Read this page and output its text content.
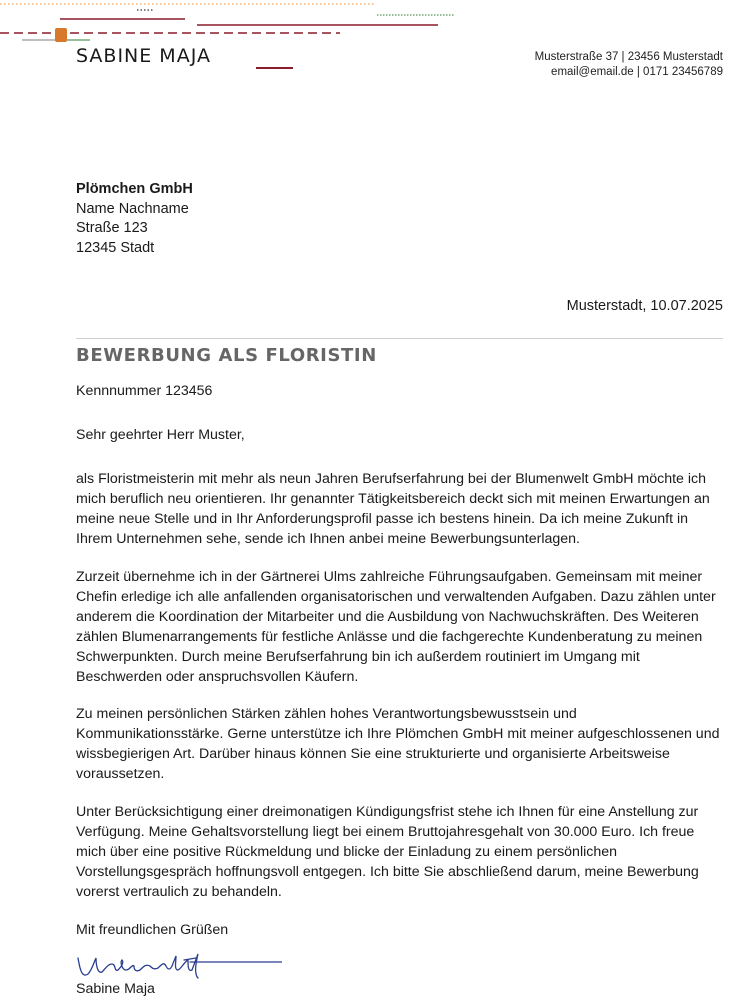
SABINE MAJA	Musterstraße 37 | 23456 Musterstadt
email@email.de | 0171 23456789
Plömchen GmbH
Name Nachname
Straße 123
12345 Stadt
Musterstadt, 10.07.2025
BEWERBUNG ALS FLORISTIN

Kennnummer 123456

Sehr geehrter Herr Muster,

als Floristmeisterin mit mehr als neun Jahren Berufserfahrung bei der Blumenwelt GmbH möchte ich mich beruflich neu orientieren. Ihr genannter Tätigkeitsbereich deckt sich mit meinen Erwartungen an meine neue Stelle und in Ihr Anforderungsprofil passe ich bestens hinein. Da ich meine Zukunft in Ihrem Unternehmen sehe, sende ich Ihnen anbei meine Bewerbungsunterlagen.

Zurzeit übernehme ich in der Gärtnerei Ulms zahlreiche Führungsaufgaben. Gemeinsam mit meiner Chefin erledige ich alle anfallenden organisatorischen und verwaltenden Aufgaben. Dazu zählen unter anderem die Koordination der Mitarbeiter und die Ausbildung von Nachwuchskräften. Des Weiteren zählen Blumenarrangements für festliche Anlässe und die fachgerechte Kundenberatung zu meinen Schwerpunkten. Durch meine Berufserfahrung bin ich außerdem routiniert im Umgang mit Beschwerden oder anspruchsvollen Käufern.

Zu meinen persönlichen Stärken zählen hohes Verantwortungsbewusstsein und Kommunikationsstärke. Gerne unterstütze ich Ihre Plömchen GmbH mit meiner aufgeschlossenen und wissbegierigen Art. Darüber hinaus können Sie eine strukturierte und organisierte Arbeitsweise voraussetzen.

Unter Berücksichtigung einer dreimonatigen Kündigungsfrist stehe ich Ihnen für eine Anstellung zur Verfügung. Meine Gehaltsvorstellung liegt bei einem Bruttojahresgehalt von 30.000 Euro. Ich freue mich über eine positive Rückmeldung und blicke der Einladung zu einem persönlichen Vorstellungsgespräch hoffnungsvoll entgegen. Ich bitte Sie abschließend darum, meine Bewerbung vorerst vertraulich zu behandeln.

Mit freundlichen Grüßen

Sabine Maja
